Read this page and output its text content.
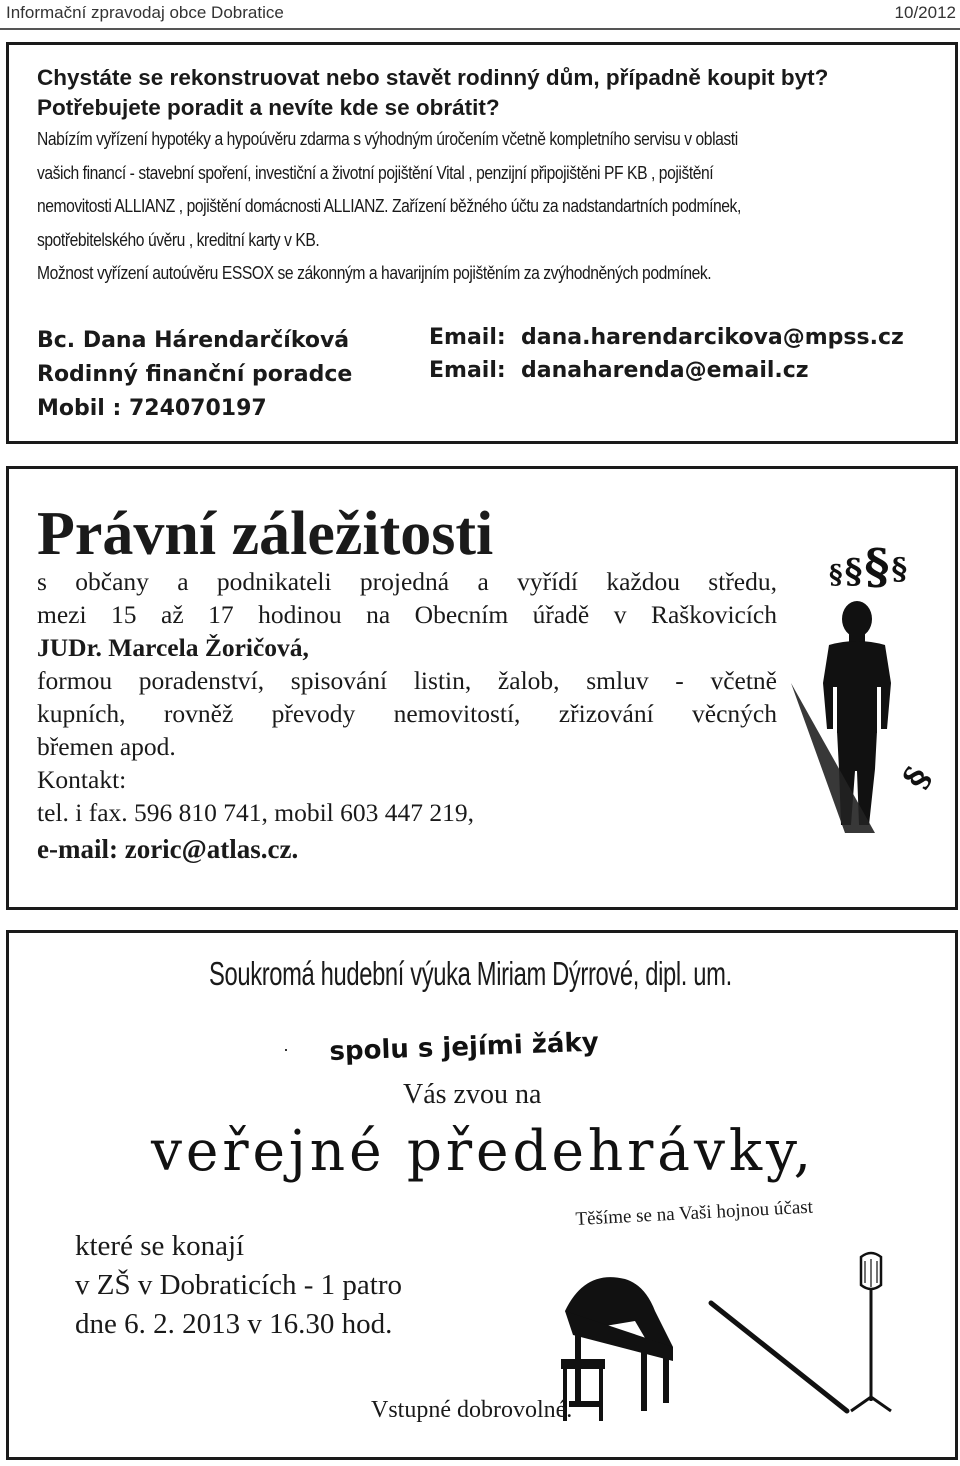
Informační zpravodaj obce Dobratice	10/2012
Chystáte se rekonstruovat nebo stavět rodinný dům, případně koupit byt?
Potřebujete poradit a nevíte kde se obrátit?
Nabízím vyřízení hypotéky a hypoúvěru zdarma s výhodným úročením včetně kompletního servisu v oblasti
vašich financí - stavební spoření, investiční a životní pojištění Vital , penzijní připojištěni PF KB , pojištění
nemovitosti ALLIANZ , pojištění domácnosti ALLIANZ. Zařízení běžného účtu za nadstandartních podmínek,
spotřebitelského úvěru , kreditní karty v KB.
Možnost vyřízení autoúvěru ESSOX se zákonným a havarijním pojištěním za zvýhodněných podmínek.
Bc. Dana Hárendarčíková
Rodinný finanční poradce
Mobil : 724070197
Email:  dana.harendarcikova@mpss.cz
Email:  danaharenda@email.cz
Právní záležitosti
s občany a podnikateli projedná a vyřídí každou středu,
mezi 15 až 17 hodinou na Obecním úřadě v Raškovicích
JUDr. Marcela Žoričová,
formou poradenství, spisování listin, žalob, smluv - včetně
kupních, rovněž převody nemovitostí, zřizování věcných
břemen apod.
Kontakt:
tel. i fax. 596 810 741, mobil 603 447 219,
e-mail: zoric@atlas.cz.
§§§§
§
Soukromá hudební výuka Miriam Dýrrové, dipl. um.
spolu s jejími žáky
Vás zvou na
veřejné předehrávky,
Těšíme se na Vaši hojnou účast
které se konají
v ZŠ v Dobraticích - 1 patro
dne 6. 2. 2013 v 16.30 hod.
Vstupné dobrovolné.
